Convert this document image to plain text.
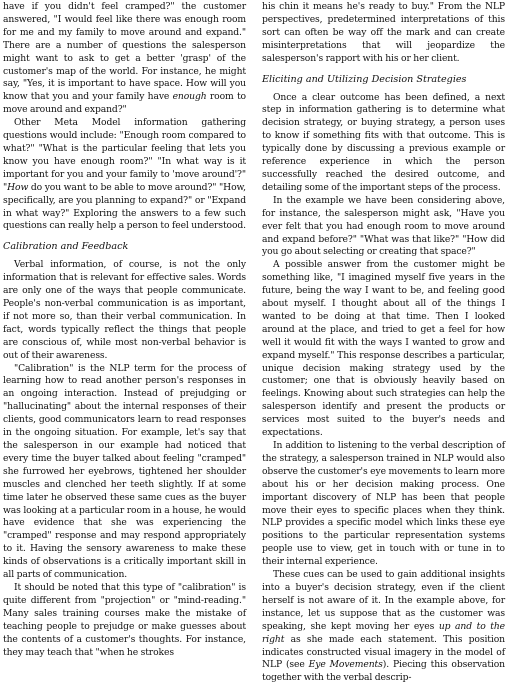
have if you didn't feel cramped?" the customer answered, "I would feel like there was enough room for me and my family to move around and expand." There are a number of questions the salesperson might want to ask to get a better 'grasp' of the customer's map of the world. For instance, he might say, "Yes, it is important to have space. How will you know that you and your family have enough room to move around and expand?"

Other Meta Model information gathering questions would include: "Enough room compared to what?" "What is the particular feeling that lets you know you have enough room?" "In what way is it important for you and your family to 'move around'?" "How do you want to be able to move around?" "How, specifically, are you planning to expand?" or "Expand in what way?" Exploring the answers to a few such questions can really help a person to feel understood.

Calibration and Feedback

Verbal information, of course, is not the only information that is relevant for effective sales. Words are only one of the ways that people communicate. People's non-verbal communication is as important, if not more so, than their verbal communication. In fact, words typically reflect the things that people are conscious of, while most non-verbal behavior is out of their awareness.

"Calibration" is the NLP term for the process of learning how to read another person's responses in an ongoing interaction. Instead of prejudging or "hallucinating" about the internal responses of their clients, good communicators learn to read responses in the ongoing situation. For example, let's say that the salesperson in our example had noticed that every time the buyer talked about feeling "cramped" she furrowed her eyebrows, tightened her shoulder muscles and clenched her teeth slightly. If at some time later he observed these same cues as the buyer was looking at a particular room in a house, he would have evidence that she was experiencing the "cramped" response and may respond appropriately to it. Having the sensory awareness to make these kinds of observations is a critically important skill in all parts of communication.

It should be noted that this type of "calibration" is quite different from "projection" or "mind-reading." Many sales training courses make the mistake of teaching people to prejudge or make guesses about the contents of a customer's thoughts. For instance, they may teach that "when he strokes

his chin it means he's ready to buy." From the NLP perspectives, predetermined interpretations of this sort can often be way off the mark and can create misinterpretations that will jeopardize the salesperson's rapport with his or her client.

Eliciting and Utilizing Decision Strategies

Once a clear outcome has been defined, a next step in information gathering is to determine what decision strategy, or buying strategy, a person uses to know if something fits with that outcome. This is typically done by discussing a previous example or reference experience in which the person successfully reached the desired outcome, and detailing some of the important steps of the process.

In the example we have been considering above, for instance, the salesperson might ask, "Have you ever felt that you had enough room to move around and expand before?" "What was that like?" "How did you go about selecting or creating that space?"

A possible answer from the customer might be something like, "I imagined myself five years in the future, being the way I want to be, and feeling good about myself. I thought about all of the things I wanted to be doing at that time. Then I looked around at the place, and tried to get a feel for how well it would fit with the ways I wanted to grow and expand myself." This response describes a particular, unique decision making strategy used by the customer; one that is obviously heavily based on feelings. Knowing about such strategies can help the salesperson identify and present the products or services most suited to the buyer's needs and expectations.

In addition to listening to the verbal description of the strategy, a salesperson trained in NLP would also observe the customer's eye movements to learn more about his or her decision making process. One important discovery of NLP has been that people move their eyes to specific places when they think. NLP provides a specific model which links these eye positions to the particular representation systems people use to view, get in touch with or tune in to their internal experience.

These cues can be used to gain additional insights into a buyer's decision strategy, even if the client herself is not aware of it. In the example above, for instance, let us suppose that as the customer was speaking, she kept moving her eyes up and to the right as she made each statement. This position indicates constructed visual imagery in the model of NLP (see Eye Movements). Piecing this observation together with the verbal descrip-
